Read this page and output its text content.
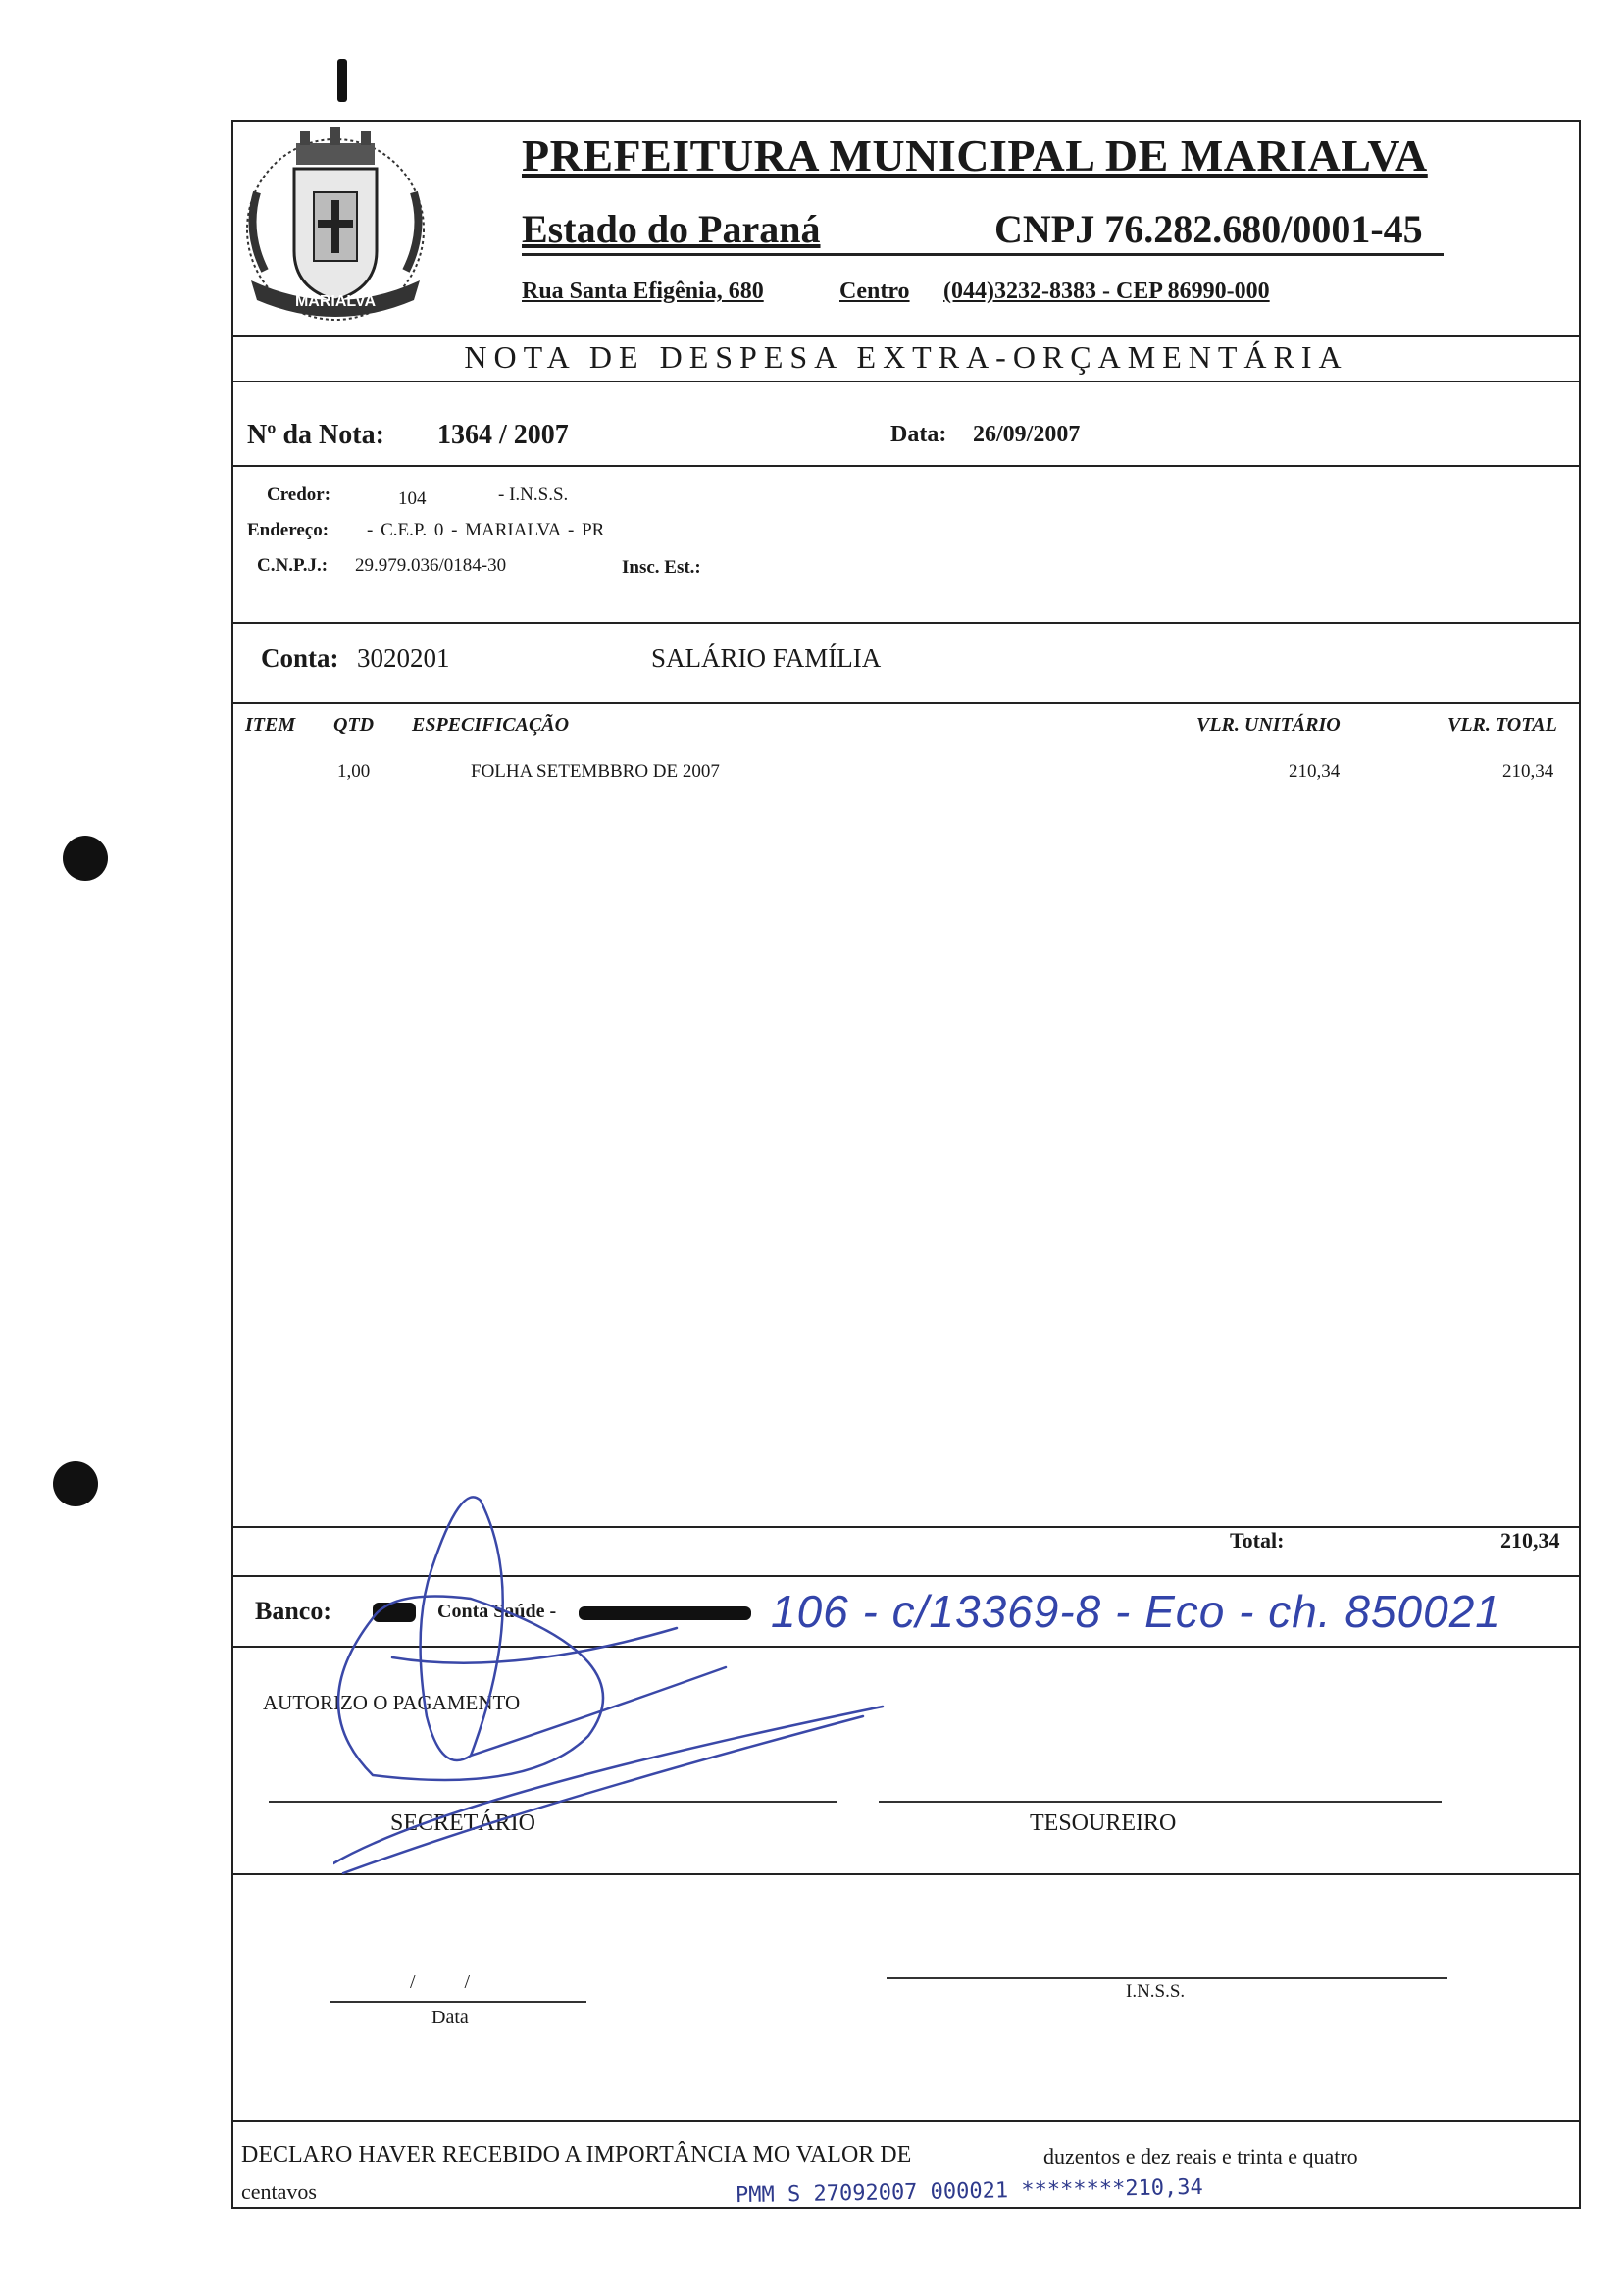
MARIALVA
PREFEITURA MUNICIPAL DE MARIALVA
Estado do Paraná	CNPJ 76.282.680/0001-45
Rua Santa Efigênia, 680	Centro (044)3232-8383 - CEP 86990-000
NOTA DE DESPESA EXTRA-ORÇAMENTÁRIA
Nº da Nota: 1364 / 2007	Data: 26/09/2007
Credor:	104	- I.N.S.S.
Endereço: - C.E.P. 0 - MARIALVA - PR
C.N.P.J.: 29.979.036/0184-30	Insc. Est.:
Conta: 3020201	SALÁRIO FAMÍLIA
ITEM QTD ESPECIFICAÇÃO	VLR. UNITÁRIO	VLR. TOTAL
1,00	FOLHA SETEMBBRO DE 2007	210,34	210,34
Total:	210,34
Banco:	Conta Saúde -	106 - c/13369-8 - Eco - ch. 850021
AUTORIZO O PAGAMENTO
SECRETÁRIO	TESOUREIRO
/          /
Data
I.N.S.S.
DECLARO HAVER RECEBIDO A IMPORTÂNCIA MO VALOR DE	duzentos e dez reais e trinta e quatro
centavos	PMM S 27092007 000021 ********210,34
